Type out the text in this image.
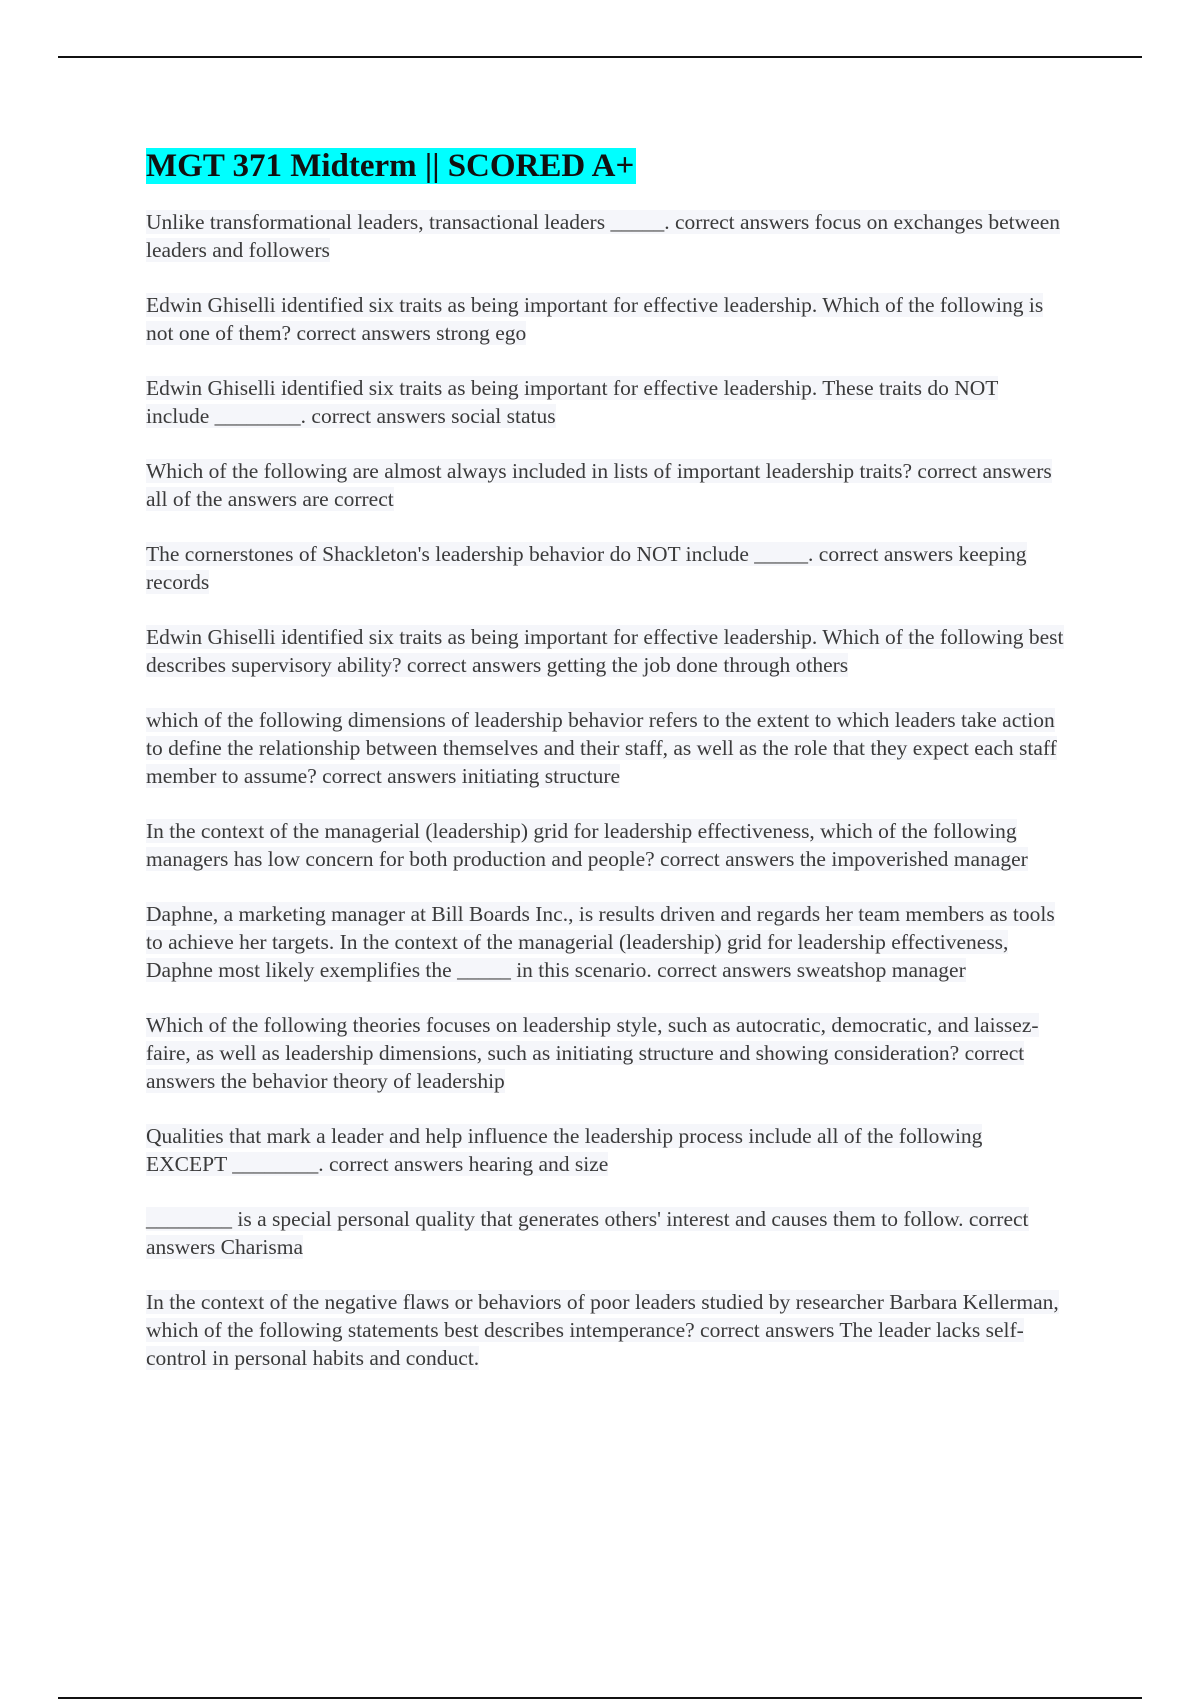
MGT 371 Midterm || SCORED A+
Unlike transformational leaders, transactional leaders _____. correct answers focus on exchanges between leaders and followers
Edwin Ghiselli identified six traits as being important for effective leadership. Which of the following is not one of them? correct answers strong ego
Edwin Ghiselli identified six traits as being important for effective leadership. These traits do NOT include ________. correct answers social status
Which of the following are almost always included in lists of important leadership traits? correct answers all of the answers are correct
The cornerstones of Shackleton's leadership behavior do NOT include _____. correct answers keeping records
Edwin Ghiselli identified six traits as being important for effective leadership. Which of the following best describes supervisory ability? correct answers getting the job done through others
which of the following dimensions of leadership behavior refers to the extent to which leaders take action to define the relationship between themselves and their staff, as well as the role that they expect each staff member to assume? correct answers initiating structure
In the context of the managerial (leadership) grid for leadership effectiveness, which of the following managers has low concern for both production and people? correct answers the impoverished manager
Daphne, a marketing manager at Bill Boards Inc., is results driven and regards her team members as tools to achieve her targets. In the context of the managerial (leadership) grid for leadership effectiveness, Daphne most likely exemplifies the _____ in this scenario. correct answers sweatshop manager
Which of the following theories focuses on leadership style, such as autocratic, democratic, and laissez-faire, as well as leadership dimensions, such as initiating structure and showing consideration? correct answers the behavior theory of leadership
Qualities that mark a leader and help influence the leadership process include all of the following EXCEPT ________. correct answers hearing and size
________ is a special personal quality that generates others' interest and causes them to follow. correct answers Charisma
In the context of the negative flaws or behaviors of poor leaders studied by researcher Barbara Kellerman, which of the following statements best describes intemperance? correct answers The leader lacks self-control in personal habits and conduct.
